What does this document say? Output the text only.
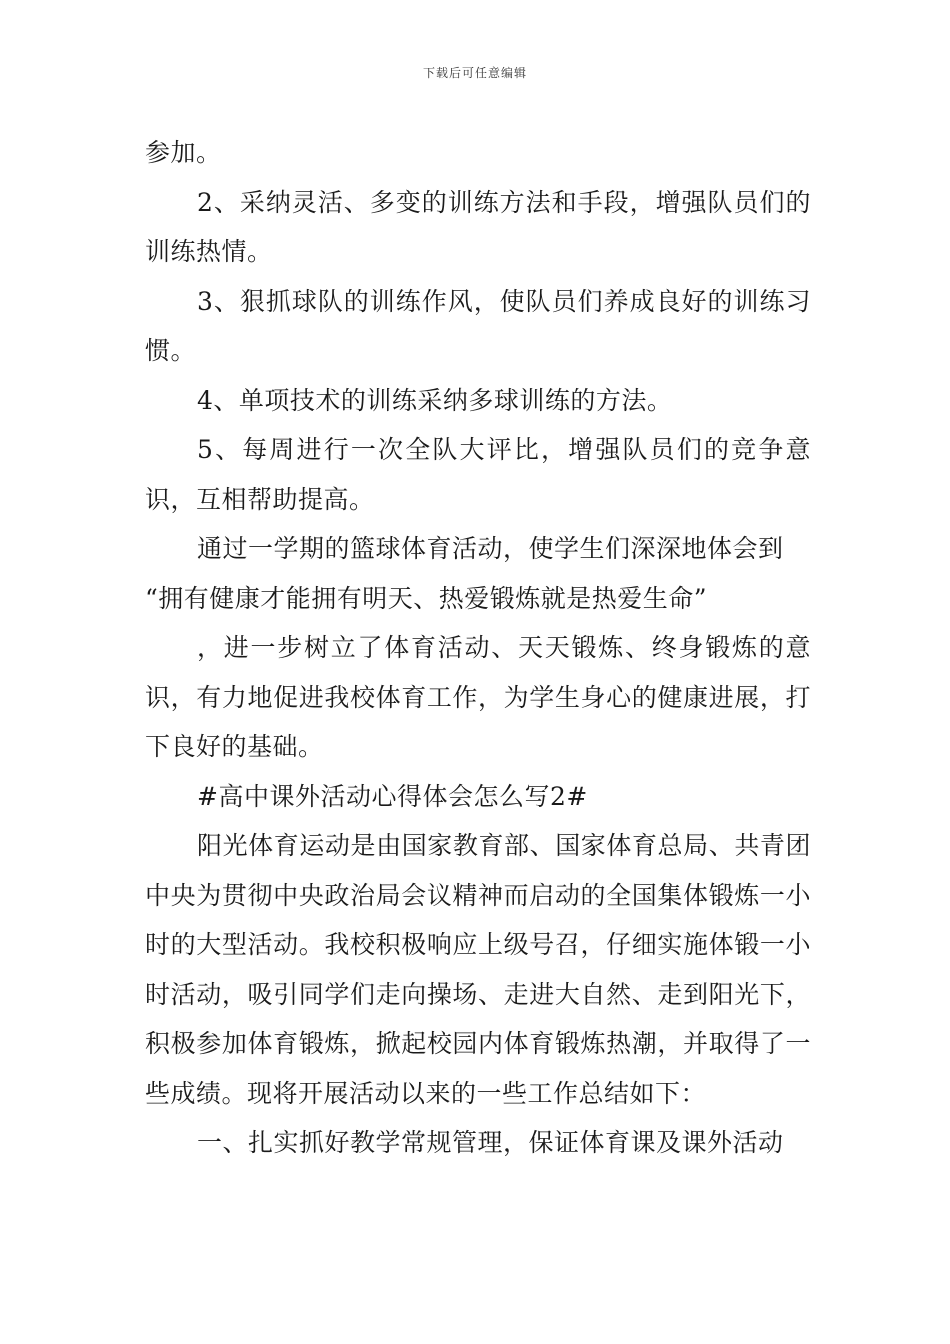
下载后可任意编辑

参加。

2、采纳灵活、多变的训练方法和手段，增强队员们的训练热情。

3、狠抓球队的训练作风，使队员们养成良好的训练习惯。

4、单项技术的训练采纳多球训练的方法。

5、每周进行一次全队大评比，增强队员们的竞争意识，互相帮助提高。

通过一学期的篮球体育活动，使学生们深深地体会到

“拥有健康才能拥有明天、热爱锻炼就是热爱生命”

，进一步树立了体育活动、天天锻炼、终身锻炼的意识，有力地促进我校体育工作，为学生身心的健康进展，打下良好的基础。

#高中课外活动心得体会怎么写2#

阳光体育运动是由国家教育部、国家体育总局、共青团中央为贯彻中央政治局会议精神而启动的全国集体锻炼一小时的大型活动。我校积极响应上级号召，仔细实施体锻一小时活动，吸引同学们走向操场、走进大自然、走到阳光下，积极参加体育锻炼，掀起校园内体育锻炼热潮，并取得了一些成绩。现将开展活动以来的一些工作总结如下：

一、扎实抓好教学常规管理，保证体育课及课外活动
